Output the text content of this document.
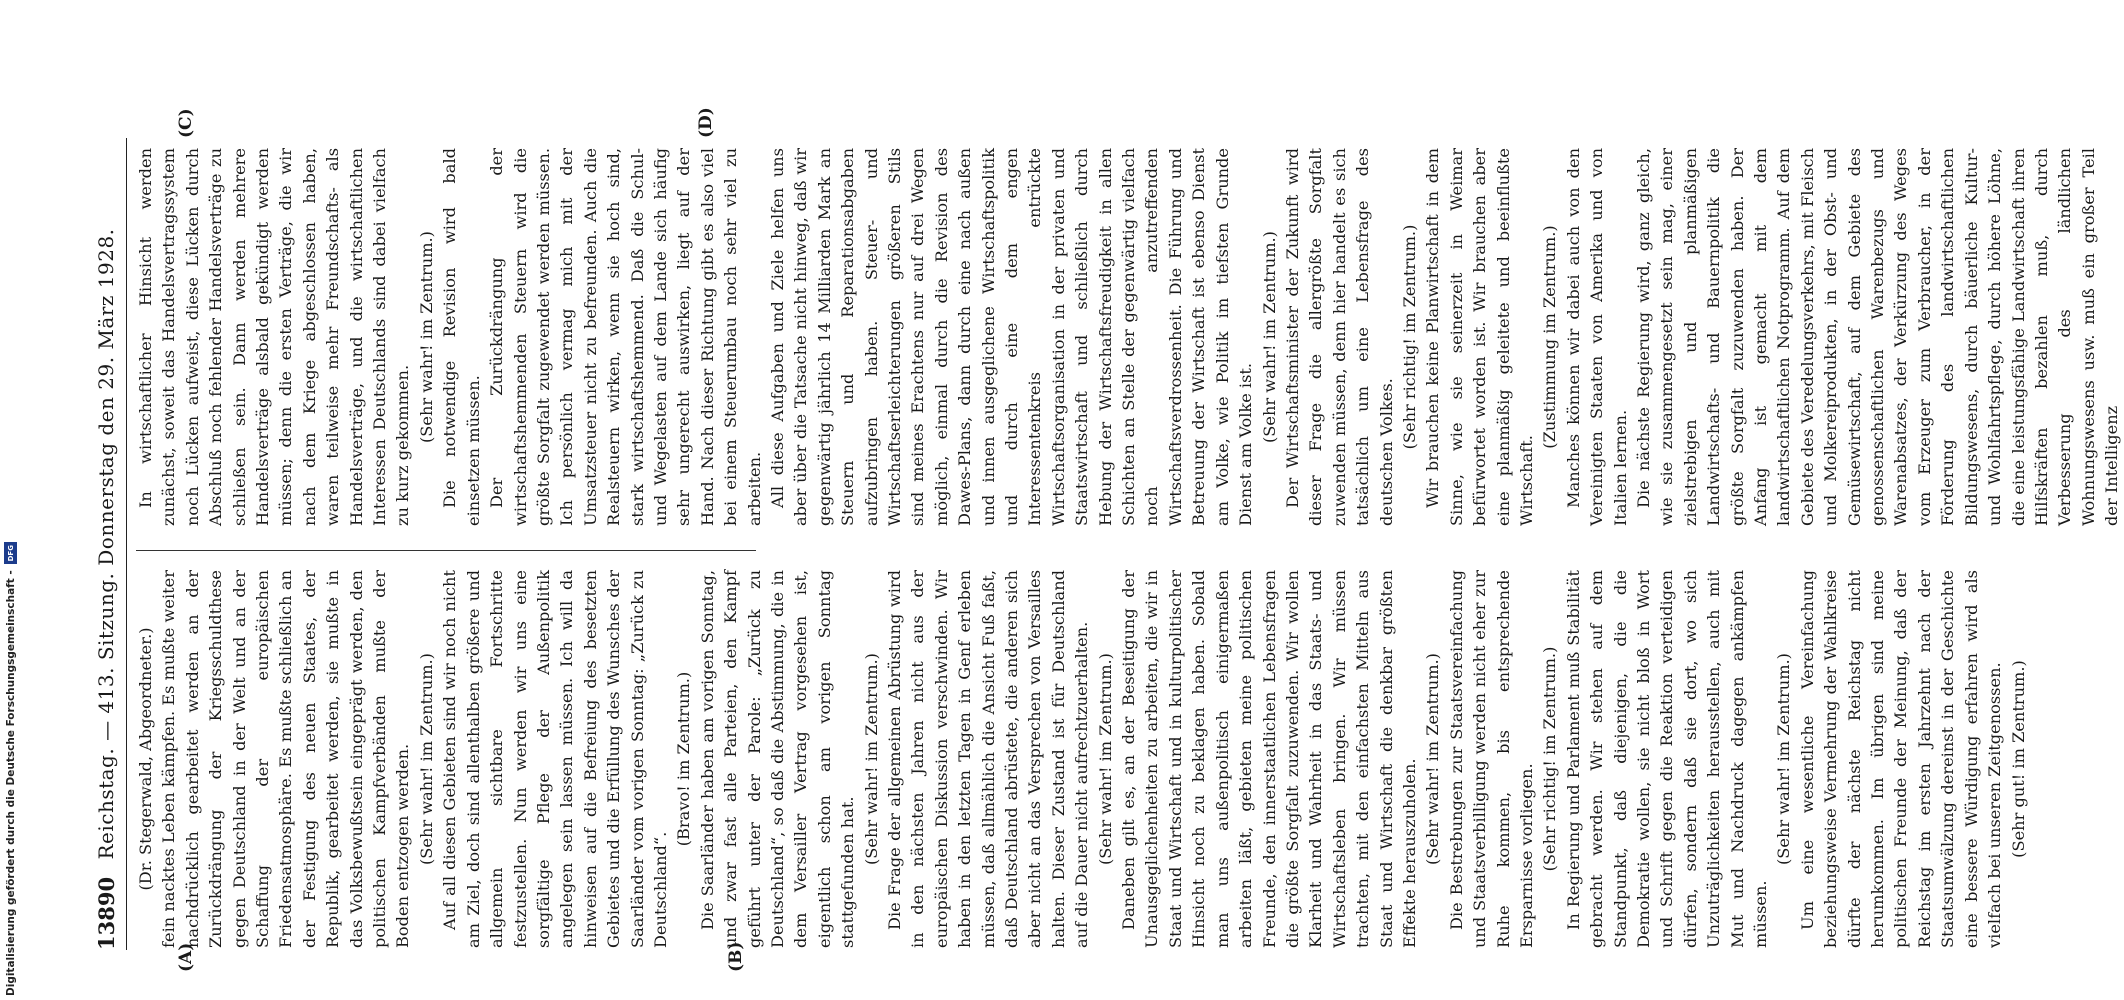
Digitalisierung gefördert durch die Deutsche Forschungsgemeinschaft -
DFG
13890
Reichstag. — 413. Sitzung. Donnerstag den 29. März 1928.
(A)	(B)
(C)	(D)

(Dr. Stegerwald, Abgeordneter.) fein nacktes Leben kämpfen. Es mußte weiter nachdrücklich gearbeitet werden an der Zurückdrängung der Kriegsschuldthese gegen Deutschland in der Welt und an der Schaffung der europäischen Friedensatmosphäre. Es mußte schließlich an der Festigung des neuen Staates, der Republik, gearbeitet werden, sie mußte in das Volksbewußtsein eingeprägt werden, den politischen Kampfverbänden mußte der Boden entzogen werden. (Sehr wahr! im Zentrum.) Auf all diesen Gebieten sind wir noch nicht am Ziel, doch sind allenthalben größere und allgemein sichtbare Fortschritte festzustellen. Nun werden wir uns eine sorgfältige Pflege der Außenpolitik angelegen sein lassen müssen. Ich will da hinweisen auf die Befreiung des besetzten Gebietes und die Erfüllung des Wunsches der Saarländer vom vorigen Sonntag: „Zurück zu Deutschland“.

(Bravo! im Zentrum.) Die Saarländer haben am vorigen Sonntag, und zwar fast alle Parteien, den Kampf geführt unter der Parole: „Zurück zu Deutschland“, so daß die Abstimmung, die in dem Versailler Vertrag vorgesehen ist, eigentlich schon am vorigen Sonntag stattgefunden hat.

(Sehr wahr! im Zentrum.) Die Frage der allgemeinen Abrüstung wird in den nächsten Jahren nicht aus der europäischen Diskussion verschwinden. Wir haben in den letzten Tagen in Genf erleben müssen, daß allmählich die Ansicht Fuß faßt, daß Deutschland abrüstete, die anderen sich aber nicht an das Versprechen von Versailles halten. Dieser Zustand ist für Deutschland auf die Dauer nicht aufrechtzuerhalten. (Sehr wahr! im Zentrum.) Daneben gilt es, an der Beseitigung der Unausgeglichenheiten zu arbeiten, die wir in Staat und Wirtschaft und in kulturpolitischer Hinsicht noch zu beklagen haben. Sobald man uns außenpolitisch einigermaßen arbeiten läßt, gebieten meine politischen Freunde, den innerstaatlichen Lebensfragen die größte Sorgfalt zuzuwenden. Wir wollen Klarheit und Wahrheit in das Staats- und Wirtschaftsleben bringen. Wir müssen trachten, mit den einfachsten Mitteln aus Staat und Wirtschaft die denkbar größten Effekte herauszuholen. (Sehr wahr! im Zentrum.) Die Bestrebungen zur Staatsvereinfachung und Staatsverbilligung werden nicht eher zur Ruhe kommen, bis entsprechende Ersparnisse vorliegen. (Sehr richtig! im Zentrum.) In Regierung und Parlament muß Stabilität gebracht werden. Wir stehen auf dem Standpunkt, daß diejenigen, die die Demokratie wollen, sie nicht bloß in Wort und Schrift gegen die Reaktion verteidigen dürfen, sondern daß sie dort, wo sich Unzuträglichkeiten herausstellen, auch mit Mut und Nachdruck dagegen ankämpfen müssen.

(Sehr wahr! im Zentrum.) Um eine wesentliche Vereinfachung beziehungsweise Vermehrung der Wahlkreise dürfte der nächste Reichstag nicht herumkommen. Im übrigen sind meine politischen Freunde der Meinung, daß der Reichstag im ersten Jahrzehnt nach der Staatsumwälzung dereinst in der Geschichte eine bessere Würdigung erfahren wird als vielfach bei unseren Zeitgenossen. (Sehr gut! im Zentrum.)

In wirtschaftlicher Hinsicht werden zunächst, soweit das Handelsvertragssystem noch Lücken aufweist, diese Lücken durch Abschluß noch fehlender Handelsverträge zu schließen sein. Dann werden mehrere Handelsverträge alsbald gekündigt werden müssen; denn die ersten Verträge, die wir nach dem Kriege abgeschlossen haben, waren teilweise mehr Freundschafts- als Handelsverträge, und die wirtschaftlichen Interessen Deutschlands sind dabei vielfach zu kurz gekommen.

(Sehr wahr! im Zentrum.) Die notwendige Revision wird bald einsetzen müssen. Der Zurückdrängung der wirtschaftshemmenden Steuern wird die größte Sorgfalt zugewendet werden müssen. Ich persönlich vermag mich mit der Umsatzsteuer nicht zu befreunden. Auch die Realsteuern wirken, wenn sie hoch sind, stark wirtschaftshemmend. Daß die Schul- und Wegelasten auf dem Lande sich häufig sehr ungerecht auswirken, liegt auf der Hand. Nach dieser Richtung gibt es also viel bei einem Steuerumbau noch sehr viel zu arbeiten. All diese Aufgaben und Ziele helfen uns aber über die Tatsache nicht hinweg, daß wir gegenwärtig jährlich 14 Milliarden Mark an Steuern und Reparationsabgaben aufzubringen haben. Steuer- und Wirtschaftserleichterungen größeren Stils sind meines Erachtens nur auf drei Wegen möglich, einmal durch die Revision des Dawes-Plans, dann durch eine nach außen und innen ausgeglichene Wirtschaftspolitik und durch eine dem engen Interessentenkreis entrückte Wirtschaftsorganisation in der privaten und Staatswirtschaft und schließlich durch Hebung der Wirtschaftsfreudigkeit in allen Schichten an Stelle der gegenwärtig vielfach noch anzutreffenden Wirtschaftsverdrossenheit. Die Führung und Betreuung der Wirtschaft ist ebenso Dienst am Volke, wie Politik im tiefsten Grunde Dienst am Volke ist.

(Sehr wahr! im Zentrum.) Der Wirtschaftsminister der Zukunft wird dieser Frage die allergrößte Sorgfalt zuwenden müssen, denn hier handelt es sich tatsächlich um eine Lebensfrage des deutschen Volkes.

(Sehr richtig! im Zentrum.) Wir brauchen keine Planwirtschaft in dem Sinne, wie sie seinerzeit in Weimar befürwortet worden ist. Wir brauchen aber eine planmäßig geleitete und beeinflußte Wirtschaft.

(Zustimmung im Zentrum.) Manches können wir dabei auch von den Vereinigten Staaten von Amerika und von Italien lernen. Die nächste Regierung wird, ganz gleich, wie sie zusammengesetzt sein mag, einer zielstrebigen und planmäßigen Landwirtschafts- und Bauernpolitik die größte Sorgfalt zuzuwenden haben. Der Anfang ist gemacht mit dem landwirtschaftlichen Notprogramm. Auf dem Gebiete des Veredelungsverkehrs, mit Fleisch und Molkereiprodukten, in der Obst- und Gemüsewirtschaft, auf dem Gebiete des genossenschaftlichen Warenbezugs und Warenabsatzes, der Verkürzung des Weges vom Erzeuger zum Verbraucher, in der Förderung des landwirtschaftlichen Bildungswesens, durch bäuerliche Kultur- und Wohlfahrtspflege, durch höhere Löhne, die eine leistungsfähige Landwirtschaft ihren Hilfskräften bezahlen muß, durch Verbesserung des ländlichen Wohnungswesens usw. muß ein großer Teil der Intelligenz
